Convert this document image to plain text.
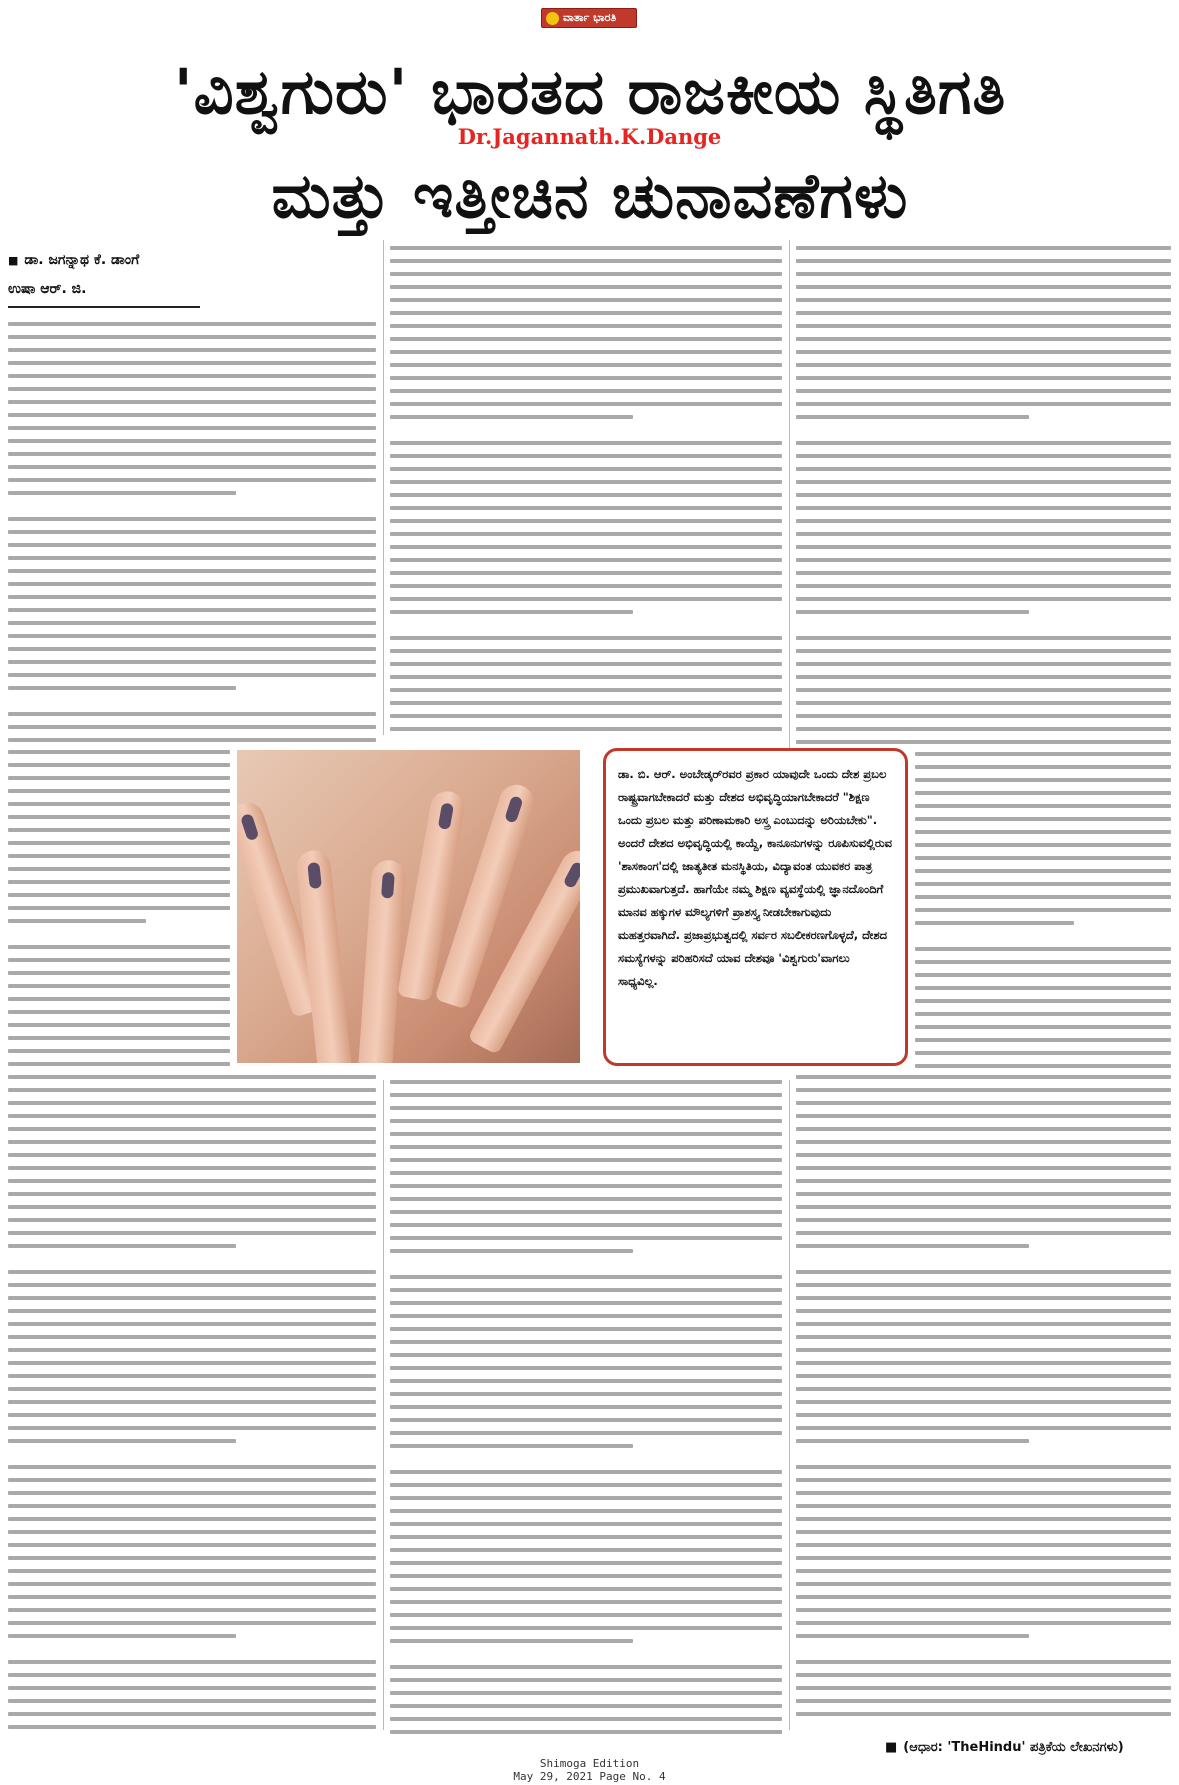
ವಾರ್ತಾ ಭಾರತಿ
'ವಿಶ್ವಗುರು' ಭಾರತದ ರಾಜಕೀಯ ಸ್ಥಿತಿಗತಿ
ಮತ್ತು ಇತ್ತೀಚಿನ ಚುನಾವಣೆಗಳು
Dr.Jagannath.K.Dange
■ ಡಾ. ಜಗನ್ನಾಥ ಕೆ. ಡಾಂಗೆ
ಉಷಾ ಆರ್. ಜಿ.
ಡಾ. ಬಿ. ಆರ್. ಅಂಬೇಡ್ಕರ್‌ರವರ ಪ್ರಕಾರ ಯಾವುದೇ ಒಂದು ದೇಶ ಪ್ರಬಲ ರಾಷ್ಟ್ರವಾಗಬೇಕಾದರೆ ಮತ್ತು ದೇಶದ ಅಭಿವೃದ್ಧಿಯಾಗಬೇಕಾದರೆ "ಶಿಕ್ಷಣ ಒಂದು ಪ್ರಬಲ ಮತ್ತು ಪರಿಣಾಮಕಾರಿ ಅಸ್ತ್ರ ಎಂಬುದನ್ನು ಅರಿಯಬೇಕು". ಅಂದರೆ ದೇಶದ ಅಭಿವೃದ್ಧಿಯಲ್ಲಿ ಕಾಯ್ದೆ, ಕಾನೂನುಗಳನ್ನು ರೂಪಿಸುವಲ್ಲಿರುವ 'ಶಾಸಕಾಂಗ'ದಲ್ಲಿ ಜಾತ್ಯತೀತ ಮನಸ್ಥಿತಿಯ, ವಿದ್ಯಾವಂತ ಯುವಕರ ಪಾತ್ರ ಪ್ರಮುಖವಾಗುತ್ತದೆ. ಹಾಗೆಯೇ ನಮ್ಮ ಶಿಕ್ಷಣ ವ್ಯವಸ್ಥೆಯಲ್ಲಿ ಜ್ಞಾನದೊಂದಿಗೆ ಮಾನವ ಹಕ್ಕುಗಳ ಮೌಲ್ಯಗಳಿಗೆ ಪ್ರಾಶಸ್ತ್ಯ ನೀಡಬೇಕಾಗುವುದು ಮಹತ್ತರವಾಗಿದೆ. ಪ್ರಜಾಪ್ರಭುತ್ವದಲ್ಲಿ ಸರ್ವರ ಸಬಲೀಕರಣಗೊಳ್ಳದೆ, ದೇಶದ ಸಮಸ್ಯೆಗಳನ್ನು ಪರಿಹರಿಸದೆ ಯಾವ ದೇಶವೂ 'ವಿಶ್ವಗುರು'ವಾಗಲು ಸಾಧ್ಯವಿಲ್ಲ.
■ (ಆಧಾರ: 'TheHindu' ಪತ್ರಿಕೆಯ ಲೇಖನಗಳು)
Shimoga Edition
May 29, 2021 Page No. 4
